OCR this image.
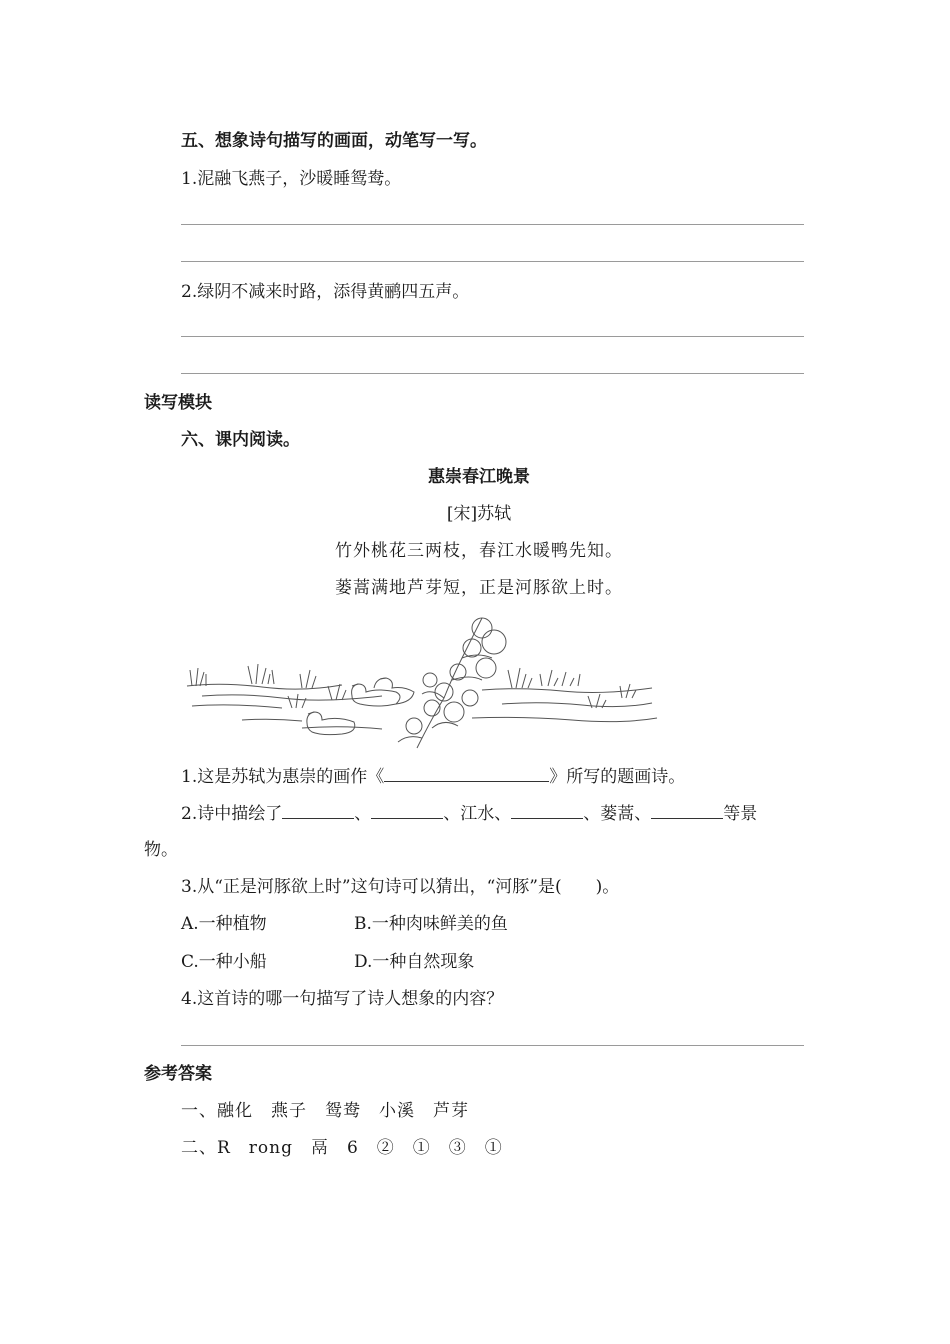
五、想象诗句描写的画面，动笔写一写。
1.泥融飞燕子，沙暖睡鸳鸯。
2.绿阴不减来时路，添得黄鹂四五声。
读写模块
六、课内阅读。
惠崇春江晚景
[宋]苏轼
竹外桃花三两枝，春江水暖鸭先知。
蒌蒿满地芦芽短，正是河豚欲上时。
1.这是苏轼为惠崇的画作《	》所写的题画诗。
2.诗中描绘了	、	、江水、	、蒌蒿、	等景
物。
3.从“正是河豚欲上时”这句诗可以猜出，“河豚”是(　　)。
A.一种植物	B.一种肉味鲜美的鱼
C.一种小船	D.一种自然现象
4.这首诗的哪一句描写了诗人想象的内容？
参考答案
一、融化　燕子　鸳鸯　小溪　芦芽
二、R　rong　鬲　6　②　①　③　①
